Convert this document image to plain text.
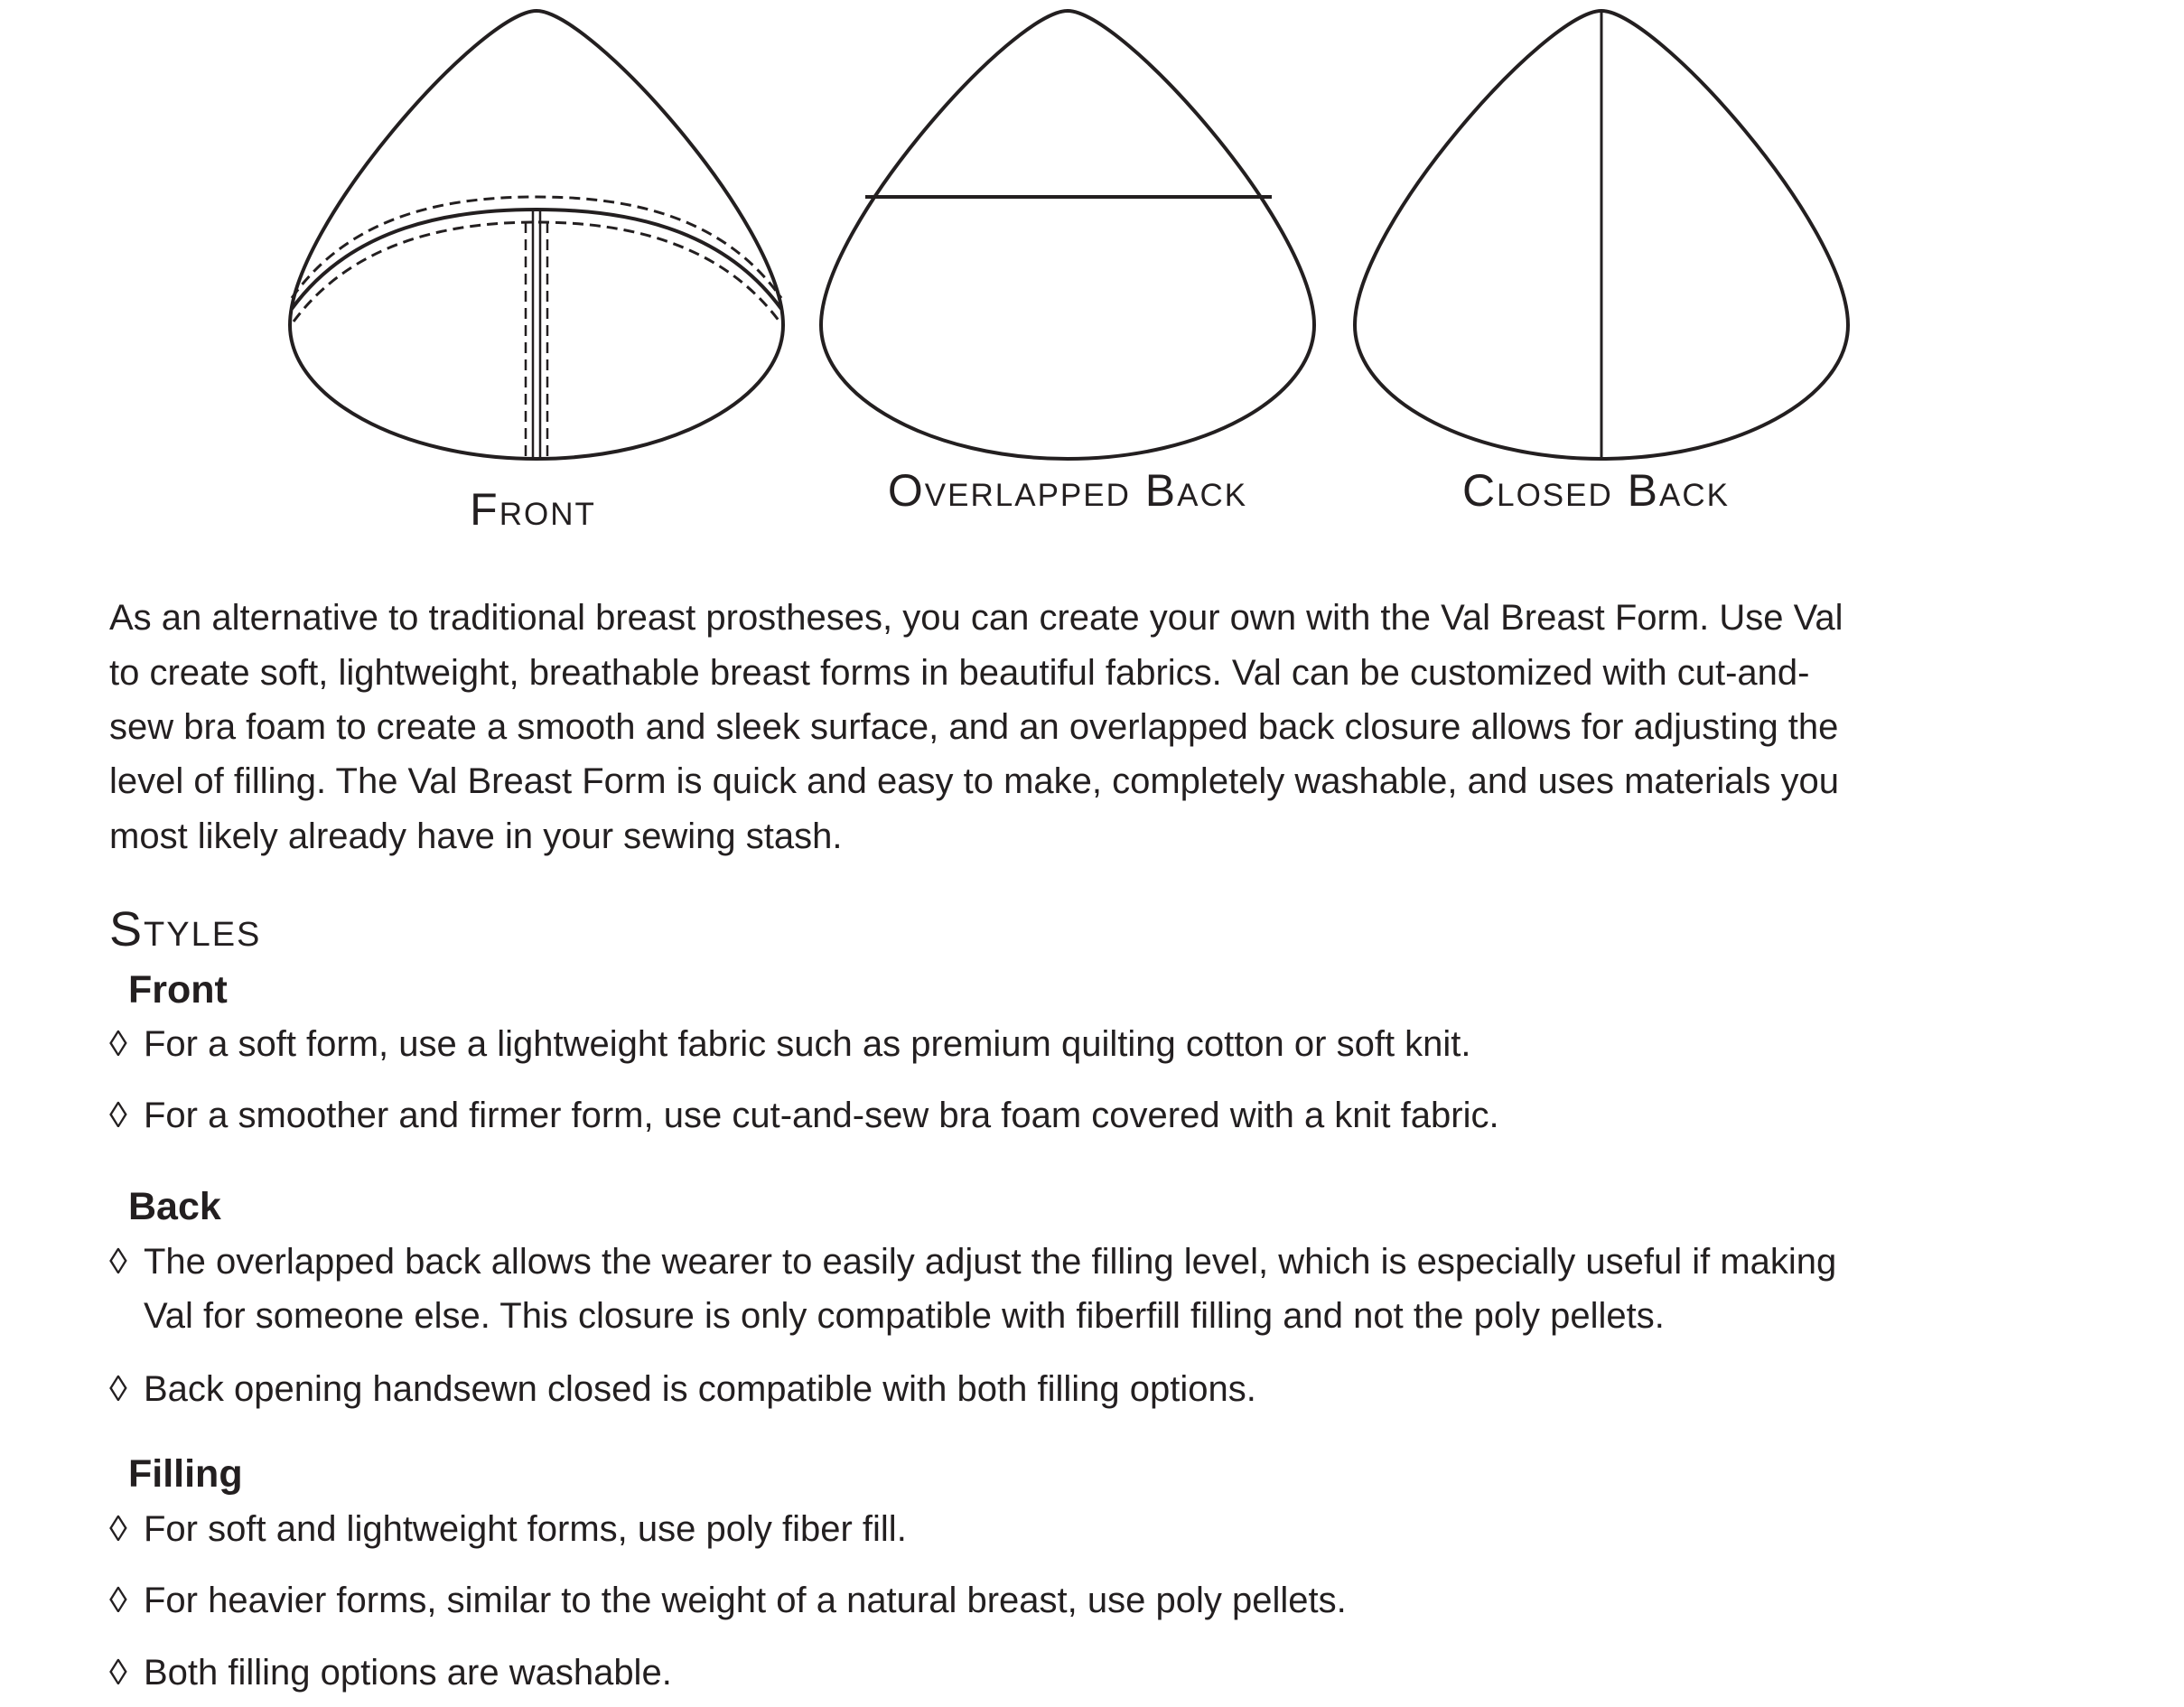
Front	Overlapped Back	Closed Back
As an alternative to traditional breast prostheses, you can create your own with the Val Breast Form. Use Val
to create soft, lightweight, breathable breast forms in beautiful fabrics. Val can be customized with cut-and-
sew bra foam to create a smooth and sleek surface, and an overlapped back closure allows for adjusting the
level of filling. The Val Breast Form is quick and easy to make, completely washable, and uses materials you
most likely already have in your sewing stash.
Styles
Front
◊ For a soft form, use a lightweight fabric such as premium quilting cotton or soft knit.
◊ For a smoother and firmer form, use cut-and-sew bra foam covered with a knit fabric.
Back
◊ The overlapped back allows the wearer to easily adjust the filling level, which is especially useful if making
Val for someone else. This closure is only compatible with fiberfill filling and not the poly pellets.
◊ Back opening handsewn closed is compatible with both filling options.
Filling
◊ For soft and lightweight forms, use poly fiber fill.
◊ For heavier forms, similar to the weight of a natural breast, use poly pellets.
◊ Both filling options are washable.
